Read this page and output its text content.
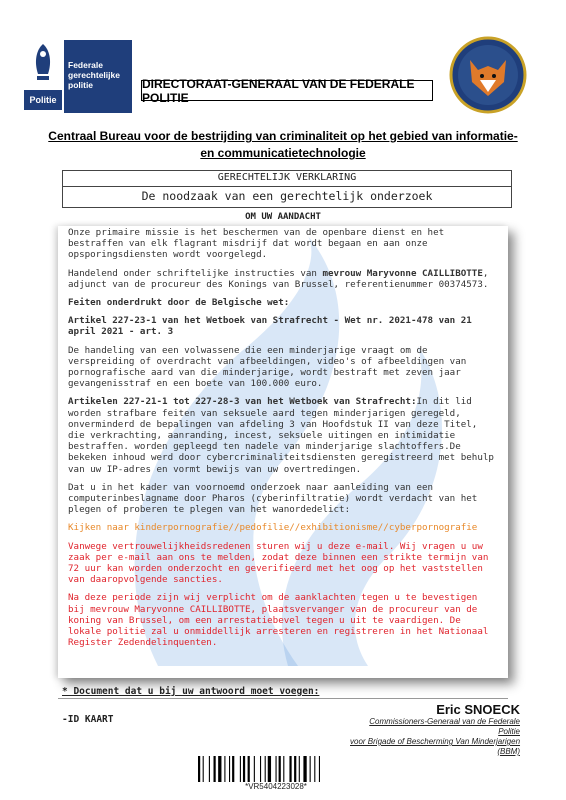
Politie
Federale
gerechtelijke
politie	DIRECTORAAT-GENERAAL VAN DE FEDERALE POLITIE
Centraal Bureau voor de bestrijding van criminaliteit op het gebied van informatie- en communicatietechnologie
GERECHTELIJK VERKLARING
De noodzaak van een gerechtelijk onderzoek
OM UW AANDACHT

Onze primaire missie is het beschermen van de openbare dienst en het bestraffen van elk flagrant misdrijf dat wordt begaan en aan onze opsporingsdiensten wordt voorgelegd.

Handelend onder schriftelijke instructies van mevrouw Maryvonne CAILLIBOTTE, adjunct van de procureur des Konings van Brussel, referentienummer 00374573.

Feiten onderdrukt door de Belgische wet:

Artikel 227-23-1 van het Wetboek van Strafrecht - Wet nr. 2021-478 van 21 april 2021 - art. 3

De handeling van een volwassene die een minderjarige vraagt om de verspreiding of overdracht van afbeeldingen, video's of afbeeldingen van pornografische aard van die minderjarige, wordt bestraft met zeven jaar gevangenisstraf en een boete van 100.000 euro.

Artikelen 227-21-1 tot 227-28-3 van het Wetboek van Strafrecht:In dit lid worden strafbare feiten van seksuele aard tegen minderjarigen geregeld, onverminderd de bepalingen van afdeling 3 van Hoofdstuk II van deze Titel, die verkrachting, aanranding, incest, seksuele uitingen en intimidatie bestraffen. worden gepleegd ten nadele van minderjarige slachtoffers.De bekeken inhoud werd door cybercriminaliteitsdiensten geregistreerd met behulp van uw IP-adres en vormt bewijs van uw overtredingen.

Dat u in het kader van voornoemd onderzoek naar aanleiding van een computerinbeslagname door Pharos (cyberinfiltratie) wordt verdacht van het plegen of proberen te plegen van het wanordedelict:

Kijken naar kinderpornografie//pedofilie//exhibitionisme//cyberpornografie

Vanwege vertrouwelijkheidsredenen sturen wij u deze e-mail. Wij vragen u uw zaak per e-mail aan ons te melden, zodat deze binnen een strikte termijn van 72 uur kan worden onderzocht en geverifieerd met het oog op het vaststellen van daaropvolgende sancties.

Na deze periode zijn wij verplicht om de aanklachten tegen u te bevestigen bij mevrouw Maryvonne CAILLIBOTTE, plaatsvervanger van de procureur van de koning van Brussel, om een arrestatiebevel tegen u uit te vaardigen. De lokale politie zal u onmiddellijk arresteren en registreren in het Nationaal Register Zedendelinquenten.

* Document dat u bij uw antwoord moet voegen:
-ID KAART
Eric SNOECK
Commissioners-Generaal van de Federale Politie
voor Brigade of Bescherming Van Minderjarigen (BBM)
*VR5404223028*
